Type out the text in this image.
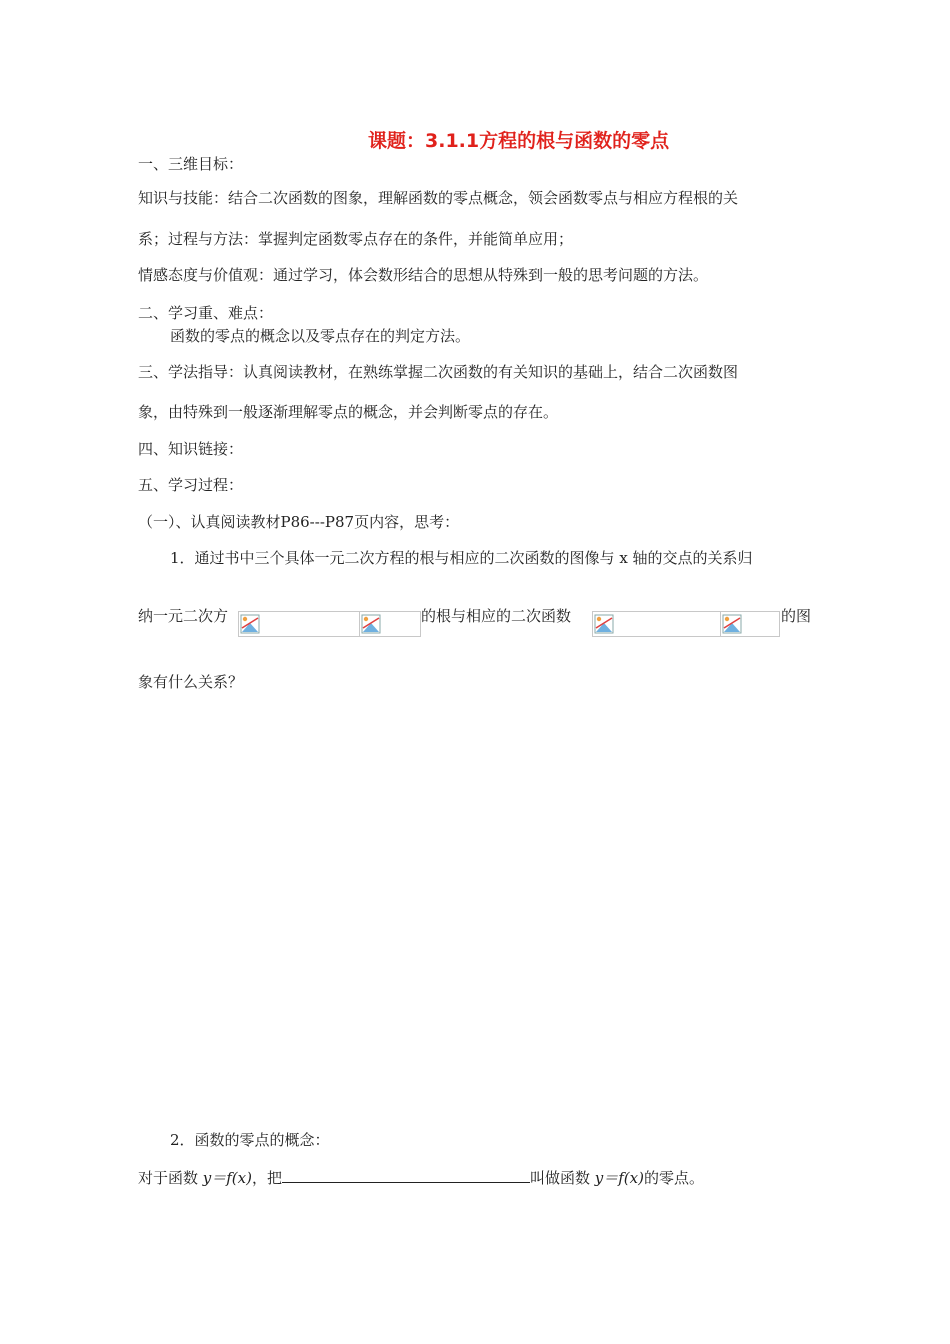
课题：3.1.1方程的根与函数的零点
一、三维目标：
知识与技能：结合二次函数的图象，理解函数的零点概念，领会函数零点与相应方程根的关
系；过程与方法：掌握判定函数零点存在的条件，并能简单应用；
情感态度与价值观：通过学习，体会数形结合的思想从特殊到一般的思考问题的方法。
二、学习重、难点：
函数的零点的概念以及零点存在的判定方法。
三、学法指导：认真阅读教材，在熟练掌握二次函数的有关知识的基础上，结合二次函数图
象，由特殊到一般逐渐理解零点的概念，并会判断零点的存在。
四、知识链接：
五、学习过程：
（一）、认真阅读教材P86---P87页内容，思考：
1．通过书中三个具体一元二次方程的根与相应的二次函数的图像与 x 轴的交点的关系归
纳一元二次方	的根与相应的二次函数	的图
象有什么关系？
2．函数的零点的概念：
对于函数 y＝f(x)，把	叫做函数 y＝f(x)的零点。
